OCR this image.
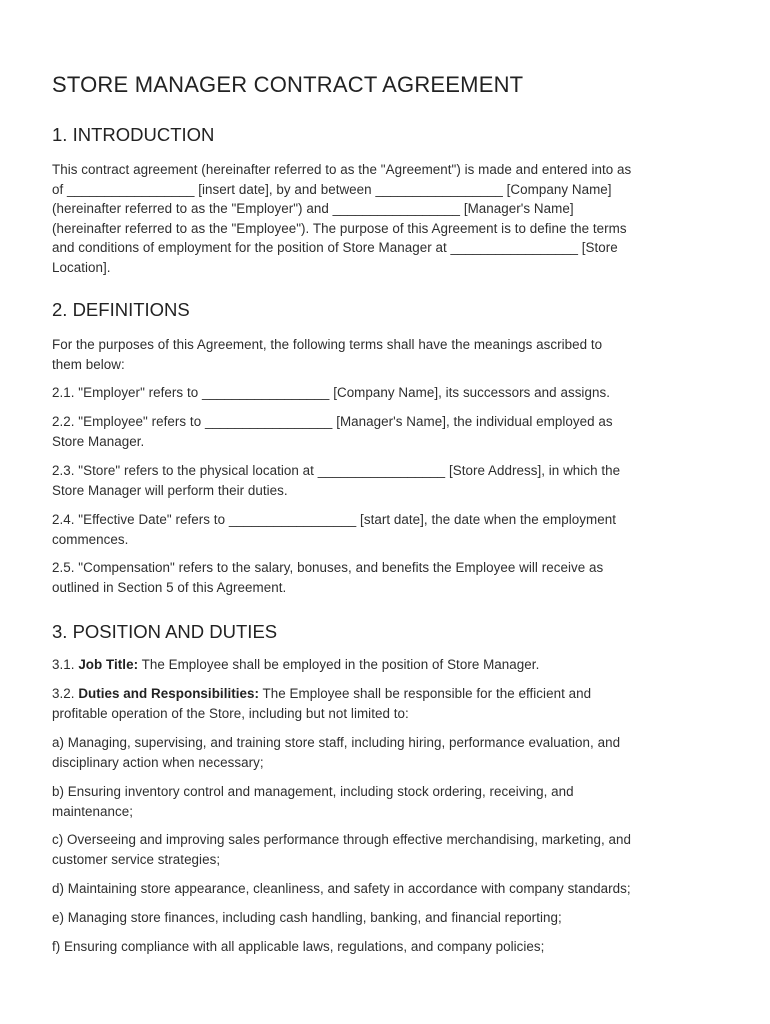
STORE MANAGER CONTRACT AGREEMENT
1. INTRODUCTION

This contract agreement (hereinafter referred to as the "Agreement") is made and entered into as
of _________________ [insert date], by and between _________________ [Company Name]
(hereinafter referred to as the "Employer") and _________________ [Manager's Name]
(hereinafter referred to as the "Employee"). The purpose of this Agreement is to define the terms
and conditions of employment for the position of Store Manager at _________________ [Store
Location].

2. DEFINITIONS

For the purposes of this Agreement, the following terms shall have the meanings ascribed to
them below:

2.1. "Employer" refers to _________________ [Company Name], its successors and assigns.

2.2. "Employee" refers to _________________ [Manager's Name], the individual employed as
Store Manager.

2.3. "Store" refers to the physical location at _________________ [Store Address], in which the
Store Manager will perform their duties.

2.4. "Effective Date" refers to _________________ [start date], the date when the employment
commences.

2.5. "Compensation" refers to the salary, bonuses, and benefits the Employee will receive as
outlined in Section 5 of this Agreement.

3. POSITION AND DUTIES

3.1. Job Title: The Employee shall be employed in the position of Store Manager.

3.2. Duties and Responsibilities: The Employee shall be responsible for the efficient and
profitable operation of the Store, including but not limited to:

a) Managing, supervising, and training store staff, including hiring, performance evaluation, and
disciplinary action when necessary;

b) Ensuring inventory control and management, including stock ordering, receiving, and
maintenance;

c) Overseeing and improving sales performance through effective merchandising, marketing, and
customer service strategies;

d) Maintaining store appearance, cleanliness, and safety in accordance with company standards;

e) Managing store finances, including cash handling, banking, and financial reporting;

f) Ensuring compliance with all applicable laws, regulations, and company policies;
